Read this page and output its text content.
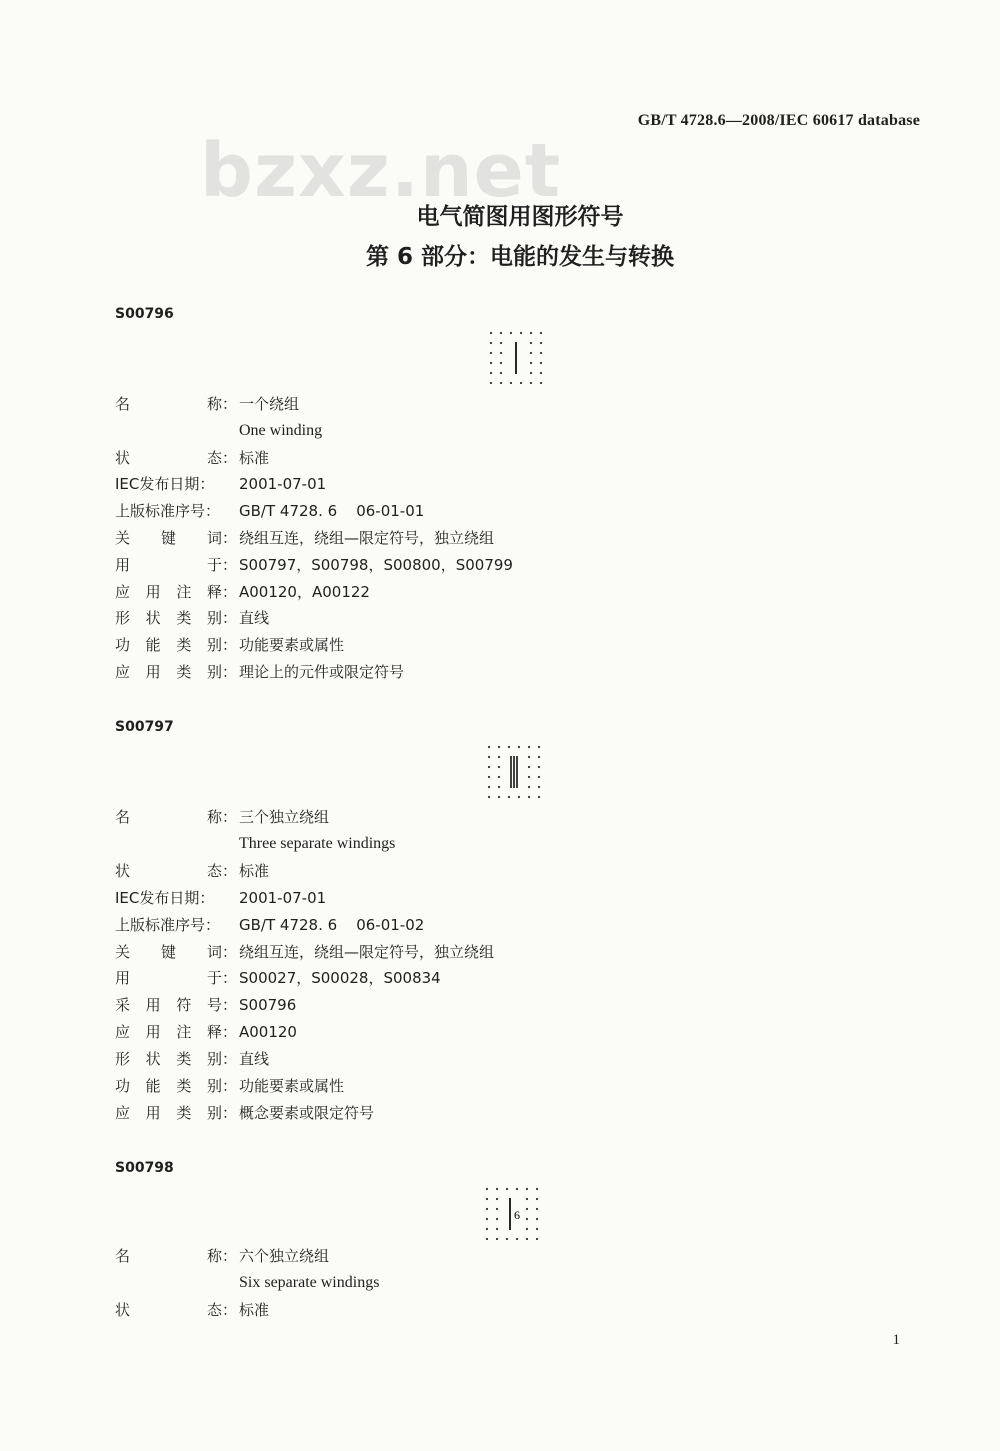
GB/T 4728.6—2008/IEC 60617 database
bzxz.net
电气简图用图形符号
第 6 部分：电能的发生与转换
S00796
名	称： 一个绕组
One winding
状	态： 标准
IEC发布日期： 2001-07-01
上版标准序号： GB/T 4728. 6    06-01-01
关 键 词： 绕组互连，绕组—限定符号，独立绕组
用	于： S00797，S00798，S00800，S00799
应 用 注 释： A00120，A00122
形 状 类 别： 直线
功 能 类 别： 功能要素或属性
应 用 类 别： 理论上的元件或限定符号
S00797
名	称： 三个独立绕组
Three separate windings
状	态： 标准
IEC发布日期： 2001-07-01
上版标准序号： GB/T 4728. 6    06-01-02
关 键 词： 绕组互连，绕组—限定符号，独立绕组
用	于： S00027，S00028，S00834
采 用 符 号： S00796
应 用 注 释： A00120
形 状 类 别： 直线
功 能 类 别： 功能要素或属性
应 用 类 别： 概念要素或限定符号
S00798
6
名	称： 六个独立绕组
Six separate windings
状	态： 标准
1
